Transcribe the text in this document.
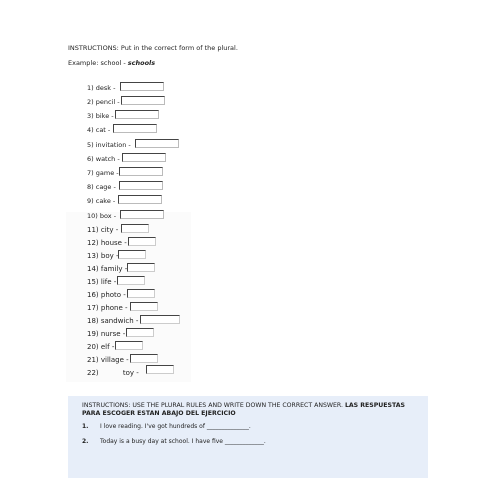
INSTRUCTIONS: Put in the correct form of the plural.
Example: school - schools
1) desk -
2) pencil -
3) bike -
4) cat -
5) invitation -
6) watch -
7) game -
8) cage -
9) cake -
10) box -
11) city -
12) house -
13) boy -
14) family -
15) life -
16) photo -
17) phone -
18) sandwich -
19) nurse -
20) elf -
21) village -
22)	toy -
INSTRUCTIONS: USE THE PLURAL RULES AND WRITE DOWN THE CORRECT ANSWER. LAS RESPUESTAS PARA ESCOGER ESTAN ABAJO DEL EJERCICIO
1. I love reading. I've got hundreds of ______________.
2. Today is a busy day at school. I have five _____________.
